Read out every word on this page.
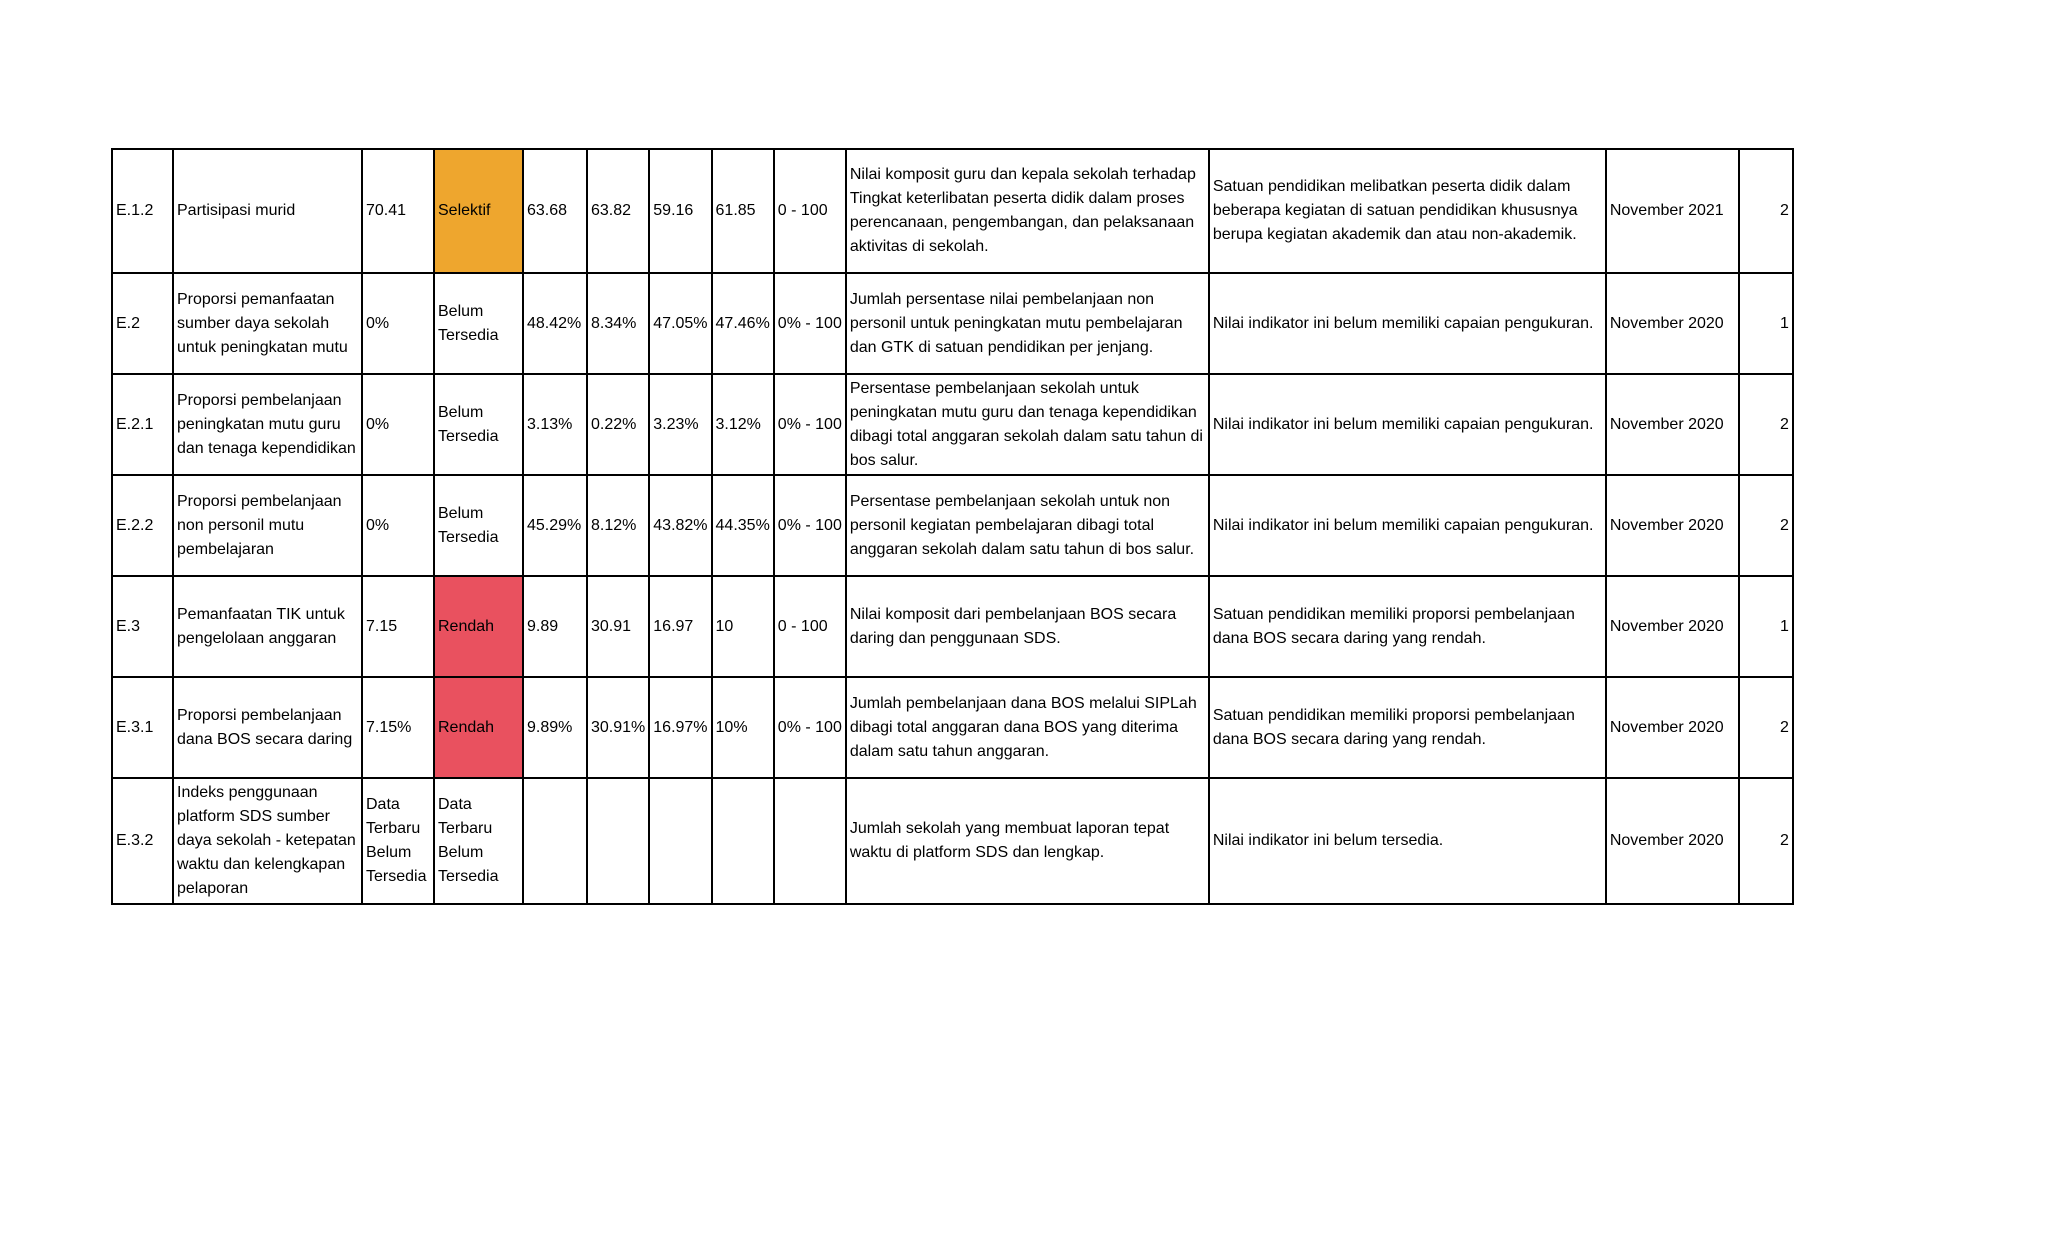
E.1.2	Partisipasi murid	70.41	Selektif	63.68	63.82	59.16	61.85	0 - 100	Nilai komposit guru dan kepala sekolah terhadap Tingkat keterlibatan peserta didik dalam proses perencanaan, pengembangan, dan pelaksanaan aktivitas di sekolah.	Satuan pendidikan melibatkan peserta didik dalam beberapa kegiatan di satuan pendidikan khususnya berupa kegiatan akademik dan atau non-akademik.	November 2021	2
E.2	Proporsi pemanfaatan sumber daya sekolah untuk peningkatan mutu	0%	Belum Tersedia	48.42%	8.34%	47.05%	47.46%	0% - 100	Jumlah persentase nilai pembelanjaan non personil untuk peningkatan mutu pembelajaran dan GTK di satuan pendidikan per jenjang.	Nilai indikator ini belum memiliki capaian pengukuran.	November 2020	1
E.2.1	Proporsi pembelanjaan peningkatan mutu guru dan tenaga kependidikan	0%	Belum Tersedia	3.13%	0.22%	3.23%	3.12%	0% - 100	Persentase pembelanjaan sekolah untuk peningkatan mutu guru dan tenaga kependidikan dibagi total anggaran sekolah dalam satu tahun di bos salur.	Nilai indikator ini belum memiliki capaian pengukuran.	November 2020	2
E.2.2	Proporsi pembelanjaan non personil mutu pembelajaran	0%	Belum Tersedia	45.29%	8.12%	43.82%	44.35%	0% - 100	Persentase pembelanjaan sekolah untuk non personil kegiatan pembelajaran dibagi total anggaran sekolah dalam satu tahun di bos salur.	Nilai indikator ini belum memiliki capaian pengukuran.	November 2020	2
E.3	Pemanfaatan TIK untuk pengelolaan anggaran	7.15	Rendah	9.89	30.91	16.97	10	0 - 100	Nilai komposit dari pembelanjaan BOS secara daring dan penggunaan SDS.	Satuan pendidikan memiliki proporsi pembelanjaan dana BOS secara daring yang rendah.	November 2020	1
E.3.1	Proporsi pembelanjaan dana BOS secara daring	7.15%	Rendah	9.89%	30.91%	16.97%	10%	0% - 100	Jumlah pembelanjaan dana BOS melalui SIPLah dibagi total anggaran dana BOS yang diterima dalam satu tahun anggaran.	Satuan pendidikan memiliki proporsi pembelanjaan dana BOS secara daring yang rendah.	November 2020	2
E.3.2	Indeks penggunaan platform SDS sumber daya sekolah - ketepatan waktu dan kelengkapan pelaporan	Data Terbaru Belum Tersedia	Data Terbaru Belum Tersedia						Jumlah sekolah yang membuat laporan tepat waktu di platform SDS dan lengkap.	Nilai indikator ini belum tersedia.	November 2020	2
